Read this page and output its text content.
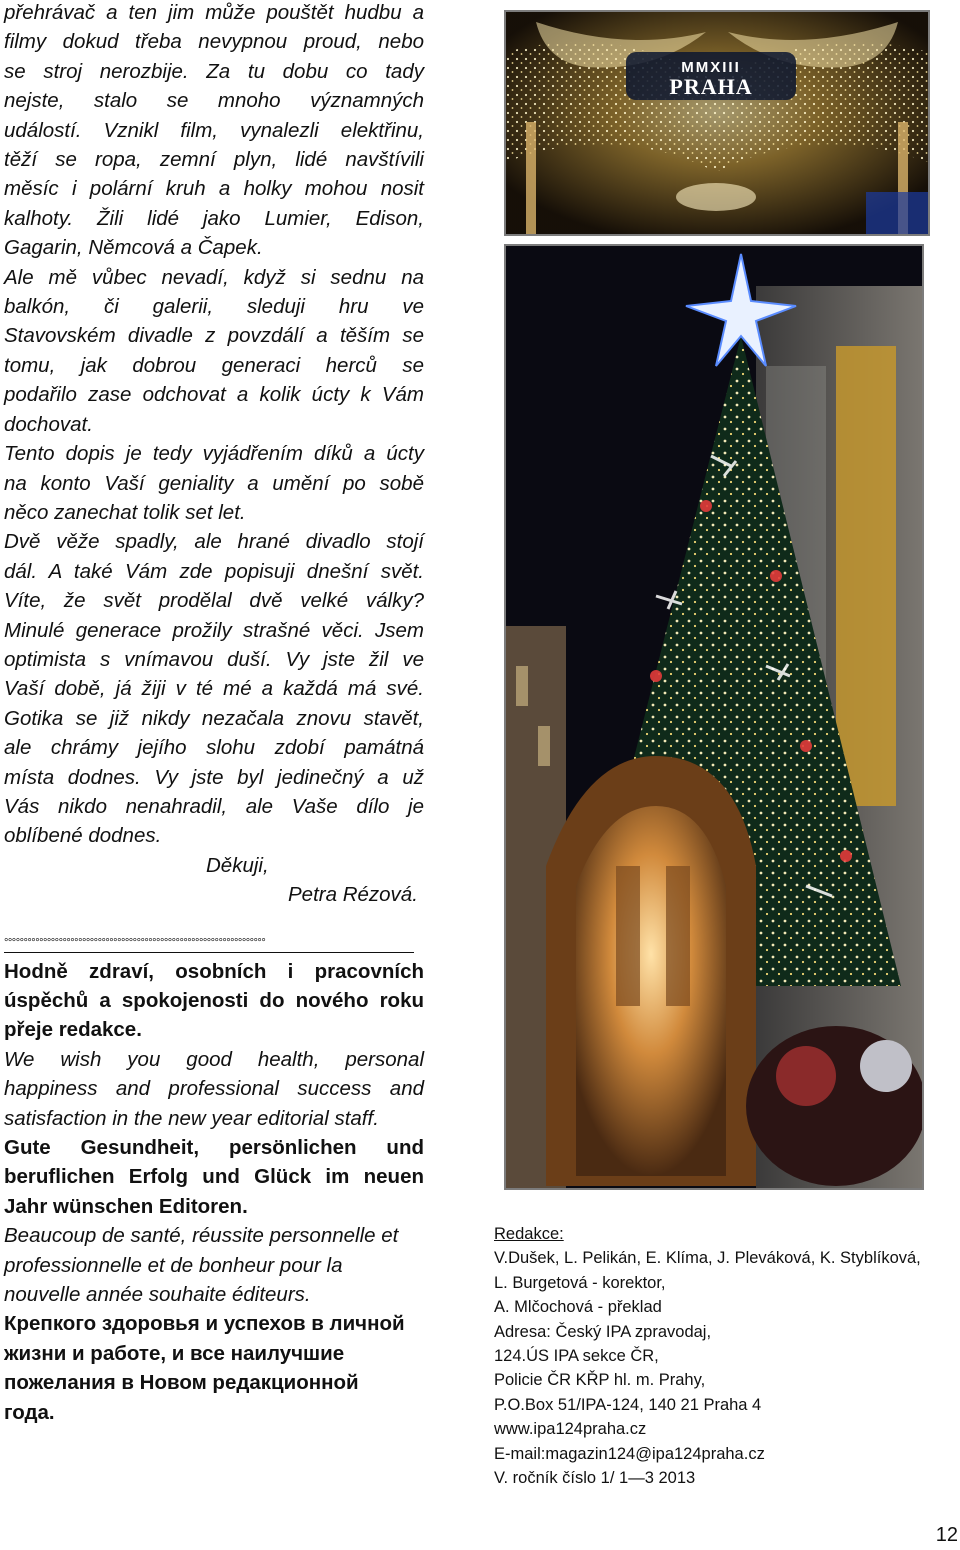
přehrávač a ten jim může pouštět hudbu a
filmy dokud třeba nevypnou proud, nebo
se stroj nerozbije. Za tu dobu co tady
nejste, stalo se mnoho významných
událostí. Vznikl film, vynalezli elektřinu,
těží se ropa, zemní plyn, lidé navštívili
měsíc i polární kruh a holky mohou nosit
kalhoty. Žili lidé jako Lumier, Edison,
Gagarin, Němcová a Čapek.
Ale mě vůbec nevadí, když si sednu na
balkón, či galerii, sleduji hru ve
Stavovském divadle z povzdálí a těším se
tomu, jak dobrou generaci herců se
podařilo zase odchovat a kolik úcty k Vám
dochovat.
Tento dopis je tedy vyjádřením díků a úcty
na konto Vaší geniality a umění po sobě
něco zanechat tolik set let.
Dvě věže spadly, ale hrané divadlo stojí
dál. A také Vám zde popisuji dnešní svět.
Víte, že svět prodělal dvě velké války?
Minulé generace prožily strašné věci. Jsem
optimista s vnímavou duší. Vy jste žil ve
Vaší době, já žiji v té mé a každá má své.
Gotika se již nikdy nezačala znovu stavět,
ale chrámy jejího slohu zdobí památná
místa dodnes. Vy jste byl jedinečný a už
Vás nikdo nenahradil, ale Vaše dílo je
oblíbené dodnes.
Děkuji,
Petra Rézová.
°°°°°°°°°°°°°°°°°°°°°°°°°°°°°°°°°°°°°°°°°°°°°°°°°°°°°°°°°°°°°°°°°°°
Hodně zdraví, osobních i pracovních
úspěchů a spokojenosti do nového roku
přeje redakce.
We wish you good health, personal
happiness and professional success and
satisfaction in the new year editorial staff.
Gute Gesundheit, persönlichen und
beruflichen Erfolg und Glück im neuen
Jahr wünschen Editoren.
Beaucoup de santé, réussite personnelle et
professionnelle et de bonheur pour la
nouvelle année souhaite éditeurs.
Крепкого здоровья и успехов в личной
жизни и работе, и все наилучшие
пожелания в Новом редакционной
года.
MMXIII
PRAHA
Redakce:
V.Dušek, L. Pelikán, E. Klíma, J. Pleváková, K. Styblíková,
L. Burgetová - korektor,
A. Mlčochová - překlad
Adresa: Český IPA zpravodaj,
124.ÚS IPA sekce ČR,
Policie ČR KŘP hl. m. Prahy,
P.O.Box 51/IPA-124, 140 21 Praha 4
www.ipa124praha.cz
E-mail:magazin124@ipa124praha.cz
V. ročník číslo 1/ 1—3 2013
12
